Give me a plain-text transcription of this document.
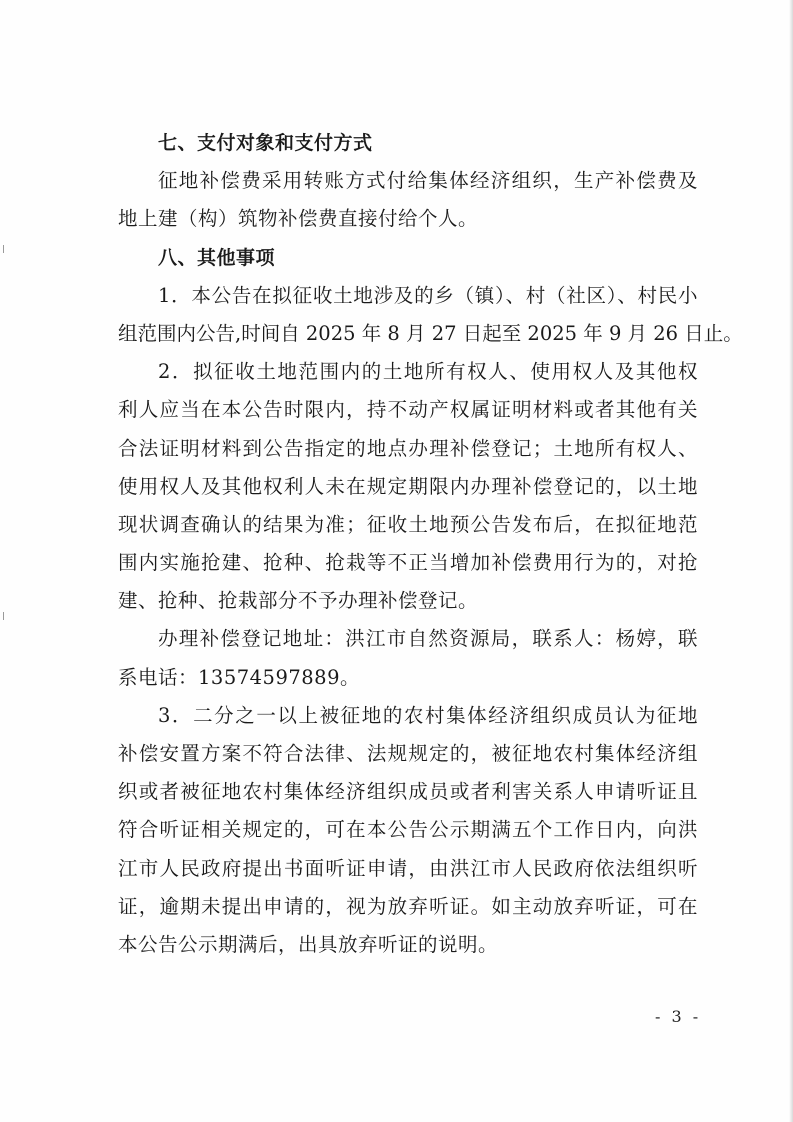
七、支付对象和支付方式
征地补偿费采用转账方式付给集体经济组织，生产补偿费及
地上建（构）筑物补偿费直接付给个人。
八、其他事项
1．本公告在拟征收土地涉及的乡（镇）、村（社区）、村民小
组范围内公告,时间自 2025 年 8 月 27 日起至 2025 年 9 月 26 日止。
2．拟征收土地范围内的土地所有权人、使用权人及其他权
利人应当在本公告时限内，持不动产权属证明材料或者其他有关
合法证明材料到公告指定的地点办理补偿登记；土地所有权人、
使用权人及其他权利人未在规定期限内办理补偿登记的，以土地
现状调查确认的结果为准；征收土地预公告发布后，在拟征地范
围内实施抢建、抢种、抢栽等不正当增加补偿费用行为的，对抢
建、抢种、抢栽部分不予办理补偿登记。
办理补偿登记地址：洪江市自然资源局，联系人：杨婷，联
系电话：13574597889。
3．二分之一以上被征地的农村集体经济组织成员认为征地
补偿安置方案不符合法律、法规规定的，被征地农村集体经济组
织或者被征地农村集体经济组织成员或者利害关系人申请听证且
符合听证相关规定的，可在本公告公示期满五个工作日内，向洪
江市人民政府提出书面听证申请，由洪江市人民政府依法组织听
证，逾期未提出申请的，视为放弃听证。如主动放弃听证，可在
本公告公示期满后，出具放弃听证的说明。
- 3 -
